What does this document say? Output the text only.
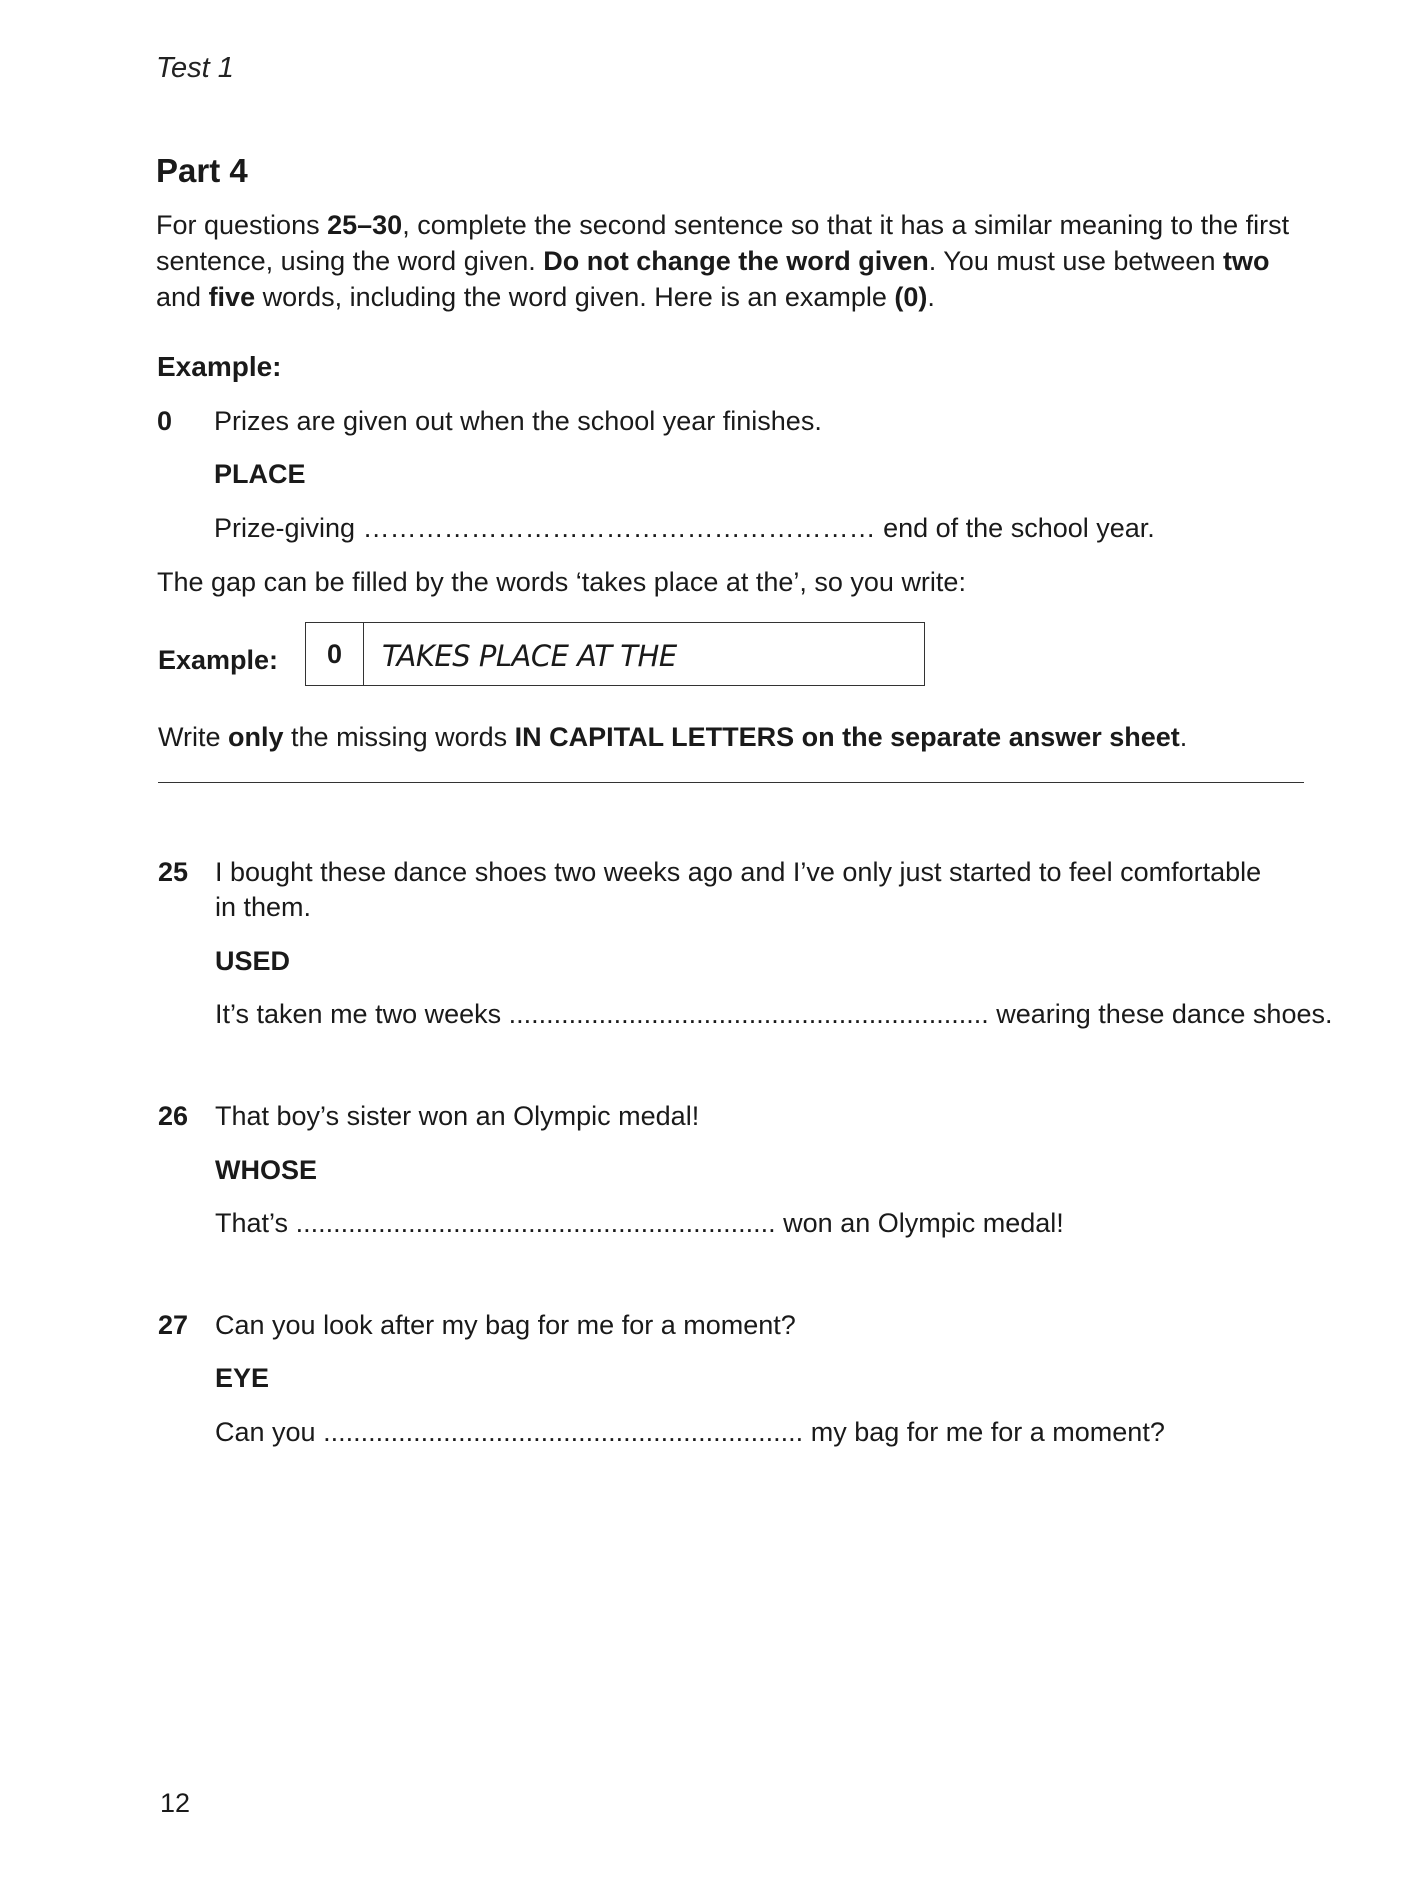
Test 1
Part 4
For questions 25–30, complete the second sentence so that it has a similar meaning to the first sentence, using the word given. Do not change the word given. You must use between two and five words, including the word given. Here is an example (0).
Example:
0 Prizes are given out when the school year finishes.
PLACE
Prize-giving ………………………………………………… end of the school year.
The gap can be filled by the words ‘takes place at the’, so you write:
Example:	0	TAKES PLACE AT THE
Write only the missing words IN CAPITAL LETTERS on the separate answer sheet.
25 I bought these dance shoes two weeks ago and I’ve only just started to feel comfortable
in them.
USED
It’s taken me two weeks ................................................................ wearing these dance shoes.
26 That boy’s sister won an Olympic medal!
WHOSE
That’s ................................................................ won an Olympic medal!
27 Can you look after my bag for me for a moment?
EYE
Can you ................................................................ my bag for me for a moment?
12
